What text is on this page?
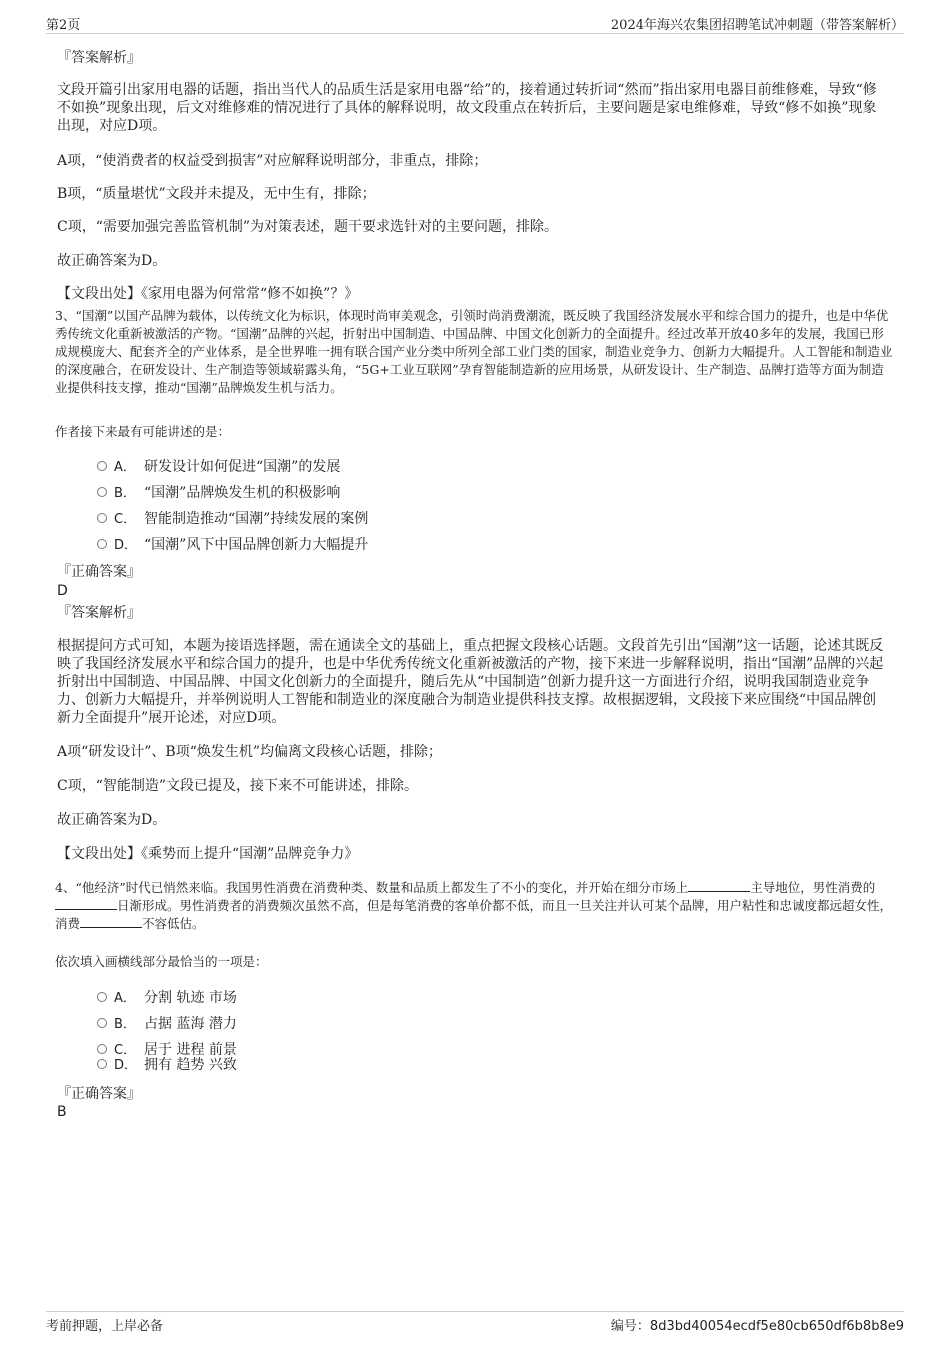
第2页	2024年海兴农集团招聘笔试冲刺题（带答案解析）
『答案解析』
文段开篇引出家用电器的话题，指出当代人的品质生活是家用电器“给”的，接着通过转折词“然而”指出家用电器目前维修难，导致“修不如换”现象出现，后文对维修难的情况进行了具体的解释说明，故文段重点在转折后，主要问题是家电维修难，导致“修不如换”现象出现，对应D项。
A项，“使消费者的权益受到损害”对应解释说明部分，非重点，排除；
B项，“质量堪忧”文段并未提及，无中生有，排除；
C项，“需要加强完善监管机制”为对策表述，题干要求选针对的主要问题，排除。
故正确答案为D。
【文段出处】《家用电器为何常常“修不如换”？》
3、“国潮”以国产品牌为载体，以传统文化为标识，体现时尚审美观念，引领时尚消费潮流，既反映了我国经济发展水平和综合国力的提升，也是中华优秀传统文化重新被激活的产物。“国潮”品牌的兴起，折射出中国制造、中国品牌、中国文化创新力的全面提升。经过改革开放40多年的发展，我国已形成规模庞大、配套齐全的产业体系，是全世界唯一拥有联合国产业分类中所列全部工业门类的国家，制造业竞争力、创新力大幅提升。人工智能和制造业的深度融合，在研发设计、生产制造等领域崭露头角，“5G+工业互联网”孕育智能制造新的应用场景，从研发设计、生产制造、品牌打造等方面为制造业提供科技支撑，推动“国潮”品牌焕发生机与活力。
作者接下来最有可能讲述的是：
A． 研发设计如何促进“国潮”的发展
B． “国潮”品牌焕发生机的积极影响
C． 智能制造推动“国潮”持续发展的案例
D． “国潮”风下中国品牌创新力大幅提升
『正确答案』
D
『答案解析』
根据提问方式可知，本题为接语选择题，需在通读全文的基础上，重点把握文段核心话题。文段首先引出“国潮”这一话题，论述其既反映了我国经济发展水平和综合国力的提升，也是中华优秀传统文化重新被激活的产物，接下来进一步解释说明，指出“国潮”品牌的兴起折射出中国制造、中国品牌、中国文化创新力的全面提升，随后先从“中国制造”创新力提升这一方面进行介绍，说明我国制造业竞争力、创新力大幅提升，并举例说明人工智能和制造业的深度融合为制造业提供科技支撑。故根据逻辑，文段接下来应围绕“中国品牌创新力全面提升”展开论述，对应D项。
A项“研发设计”、B项“焕发生机”均偏离文段核心话题，排除；
C项，“智能制造”文段已提及，接下来不可能讲述，排除。
故正确答案为D。
【文段出处】《乘势而上提升“国潮”品牌竞争力》
4、“他经济”时代已悄然来临。我国男性消费在消费种类、数量和品质上都发生了不小的变化，并开始在细分市场上	主导地位，男性消费的日渐形成。男性消费者的消费频次虽然不高，但是每笔消费的客单价都不低，而且一旦关注并认可某个品牌，用户粘性和忠诚度都远超女性，消费	不容低估。
依次填入画横线部分最恰当的一项是：
A． 分割 轨迹 市场
B． 占据 蓝海 潜力
C． 居于 进程 前景
D． 拥有 趋势 兴致
『正确答案』
B
考前押题，上岸必备	编号：8d3bd40054ecdf5e80cb650df6b8b8e9
